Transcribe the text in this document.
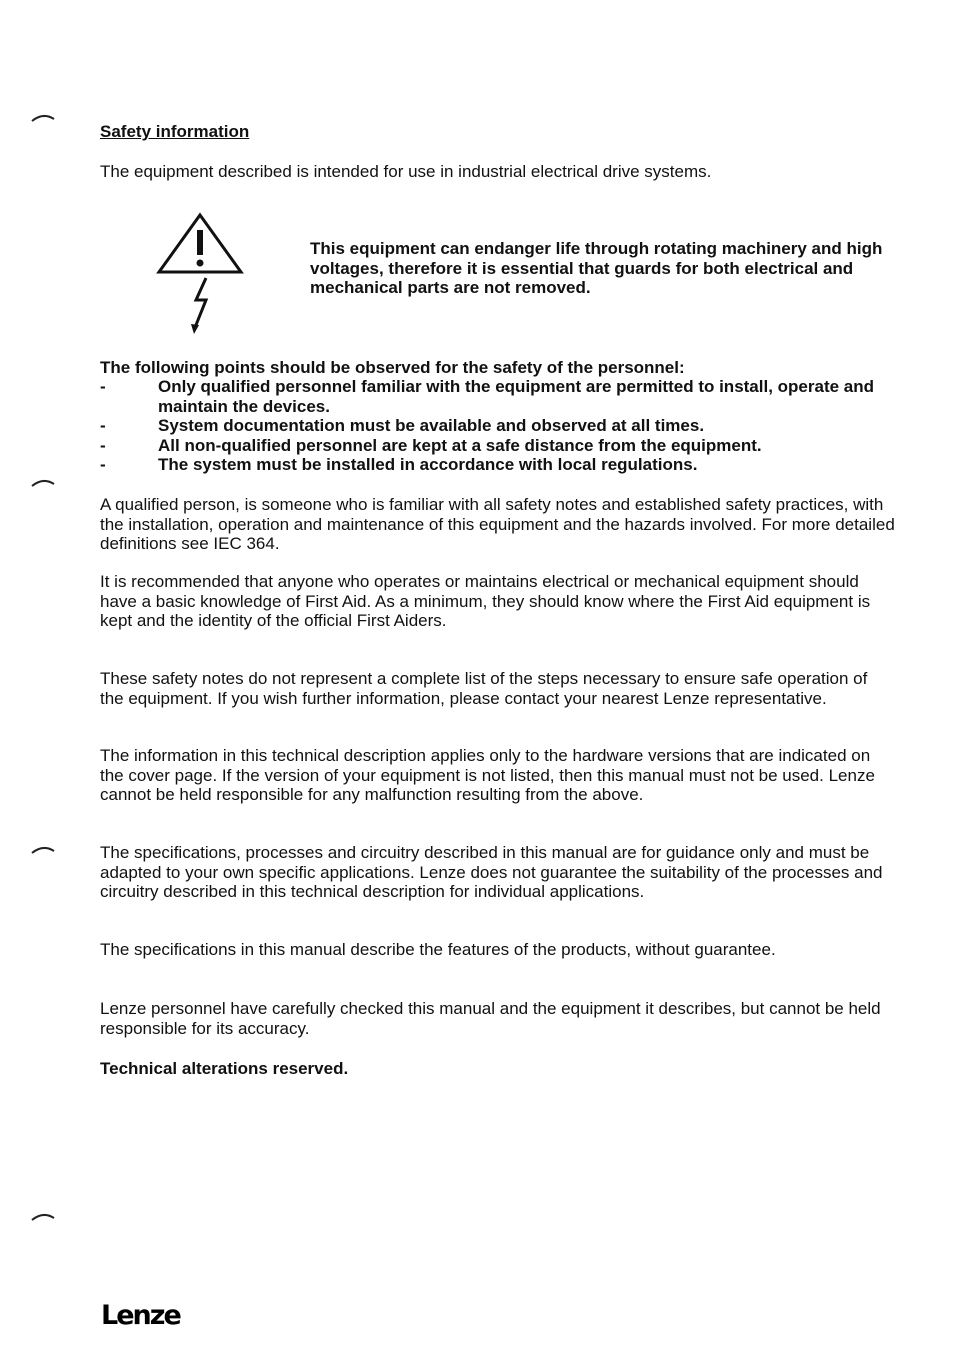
Safety information

The equipment described is intended for use in industrial electrical drive systems.

This equipment can endanger life through rotating machinery and high voltages, therefore it is essential that guards for both electrical and mechanical parts are not removed.

The following points should be observed for the safety of the personnel:

-	Only qualified personnel familiar with the equipment are permitted to install, operate and maintain the devices.
-	System documentation must be available and observed at all times.
-	All non-qualified personnel are kept at a safe distance from the equipment.
-	The system must be installed in accordance with local regulations.

A qualified person, is someone who is familiar with all safety notes and established safety practices, with the installation, operation and maintenance of this equipment and the hazards involved. For more detailed definitions see IEC 364.

It is recommended that anyone who operates or maintains electrical or mechanical equipment should have a basic knowledge of First Aid. As a minimum, they should know where the First Aid equipment is kept and the identity of the official First Aiders.

These safety notes do not represent a complete list of the steps necessary to ensure safe operation of the equipment. If you wish further information, please contact your nearest Lenze representative.

The information in this technical description applies only to the hardware versions that are indicated on the cover page. If the version of your equipment is not listed, then this manual must not be used. Lenze cannot be held responsible for any malfunction resulting from the above.

The specifications, processes and circuitry described in this manual are for guidance only and must be adapted to your own specific applications. Lenze does not guarantee the suitability of the processes and circuitry described in this technical description for individual applications.

The specifications in this manual describe the features of the products, without guarantee.

Lenze personnel have carefully checked this manual and the equipment it describes, but cannot be held responsible for its accuracy.

Technical alterations reserved.

Lenze
